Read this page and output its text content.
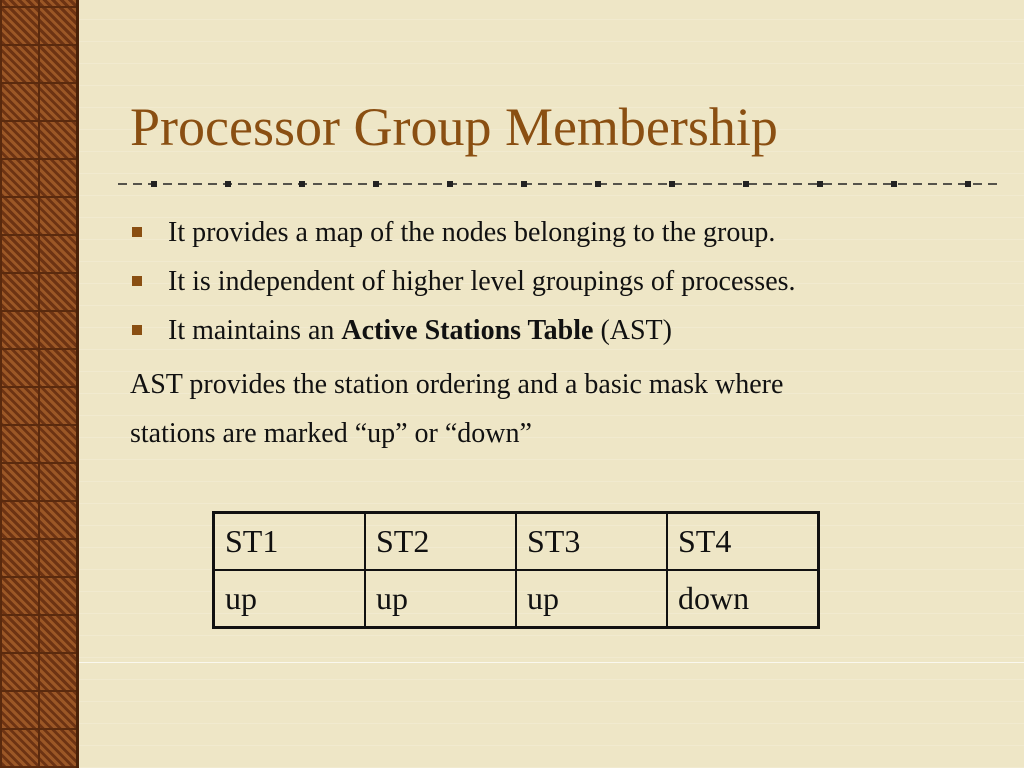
Processor Group Membership
It provides a map of the nodes belonging to the group.
It is independent of higher level groupings of processes.
It maintains an Active Stations Table (AST)
AST provides the station ordering and a basic mask where
stations are marked “up” or “down”
ST1	ST2	ST3	ST4
up	up	up	down
